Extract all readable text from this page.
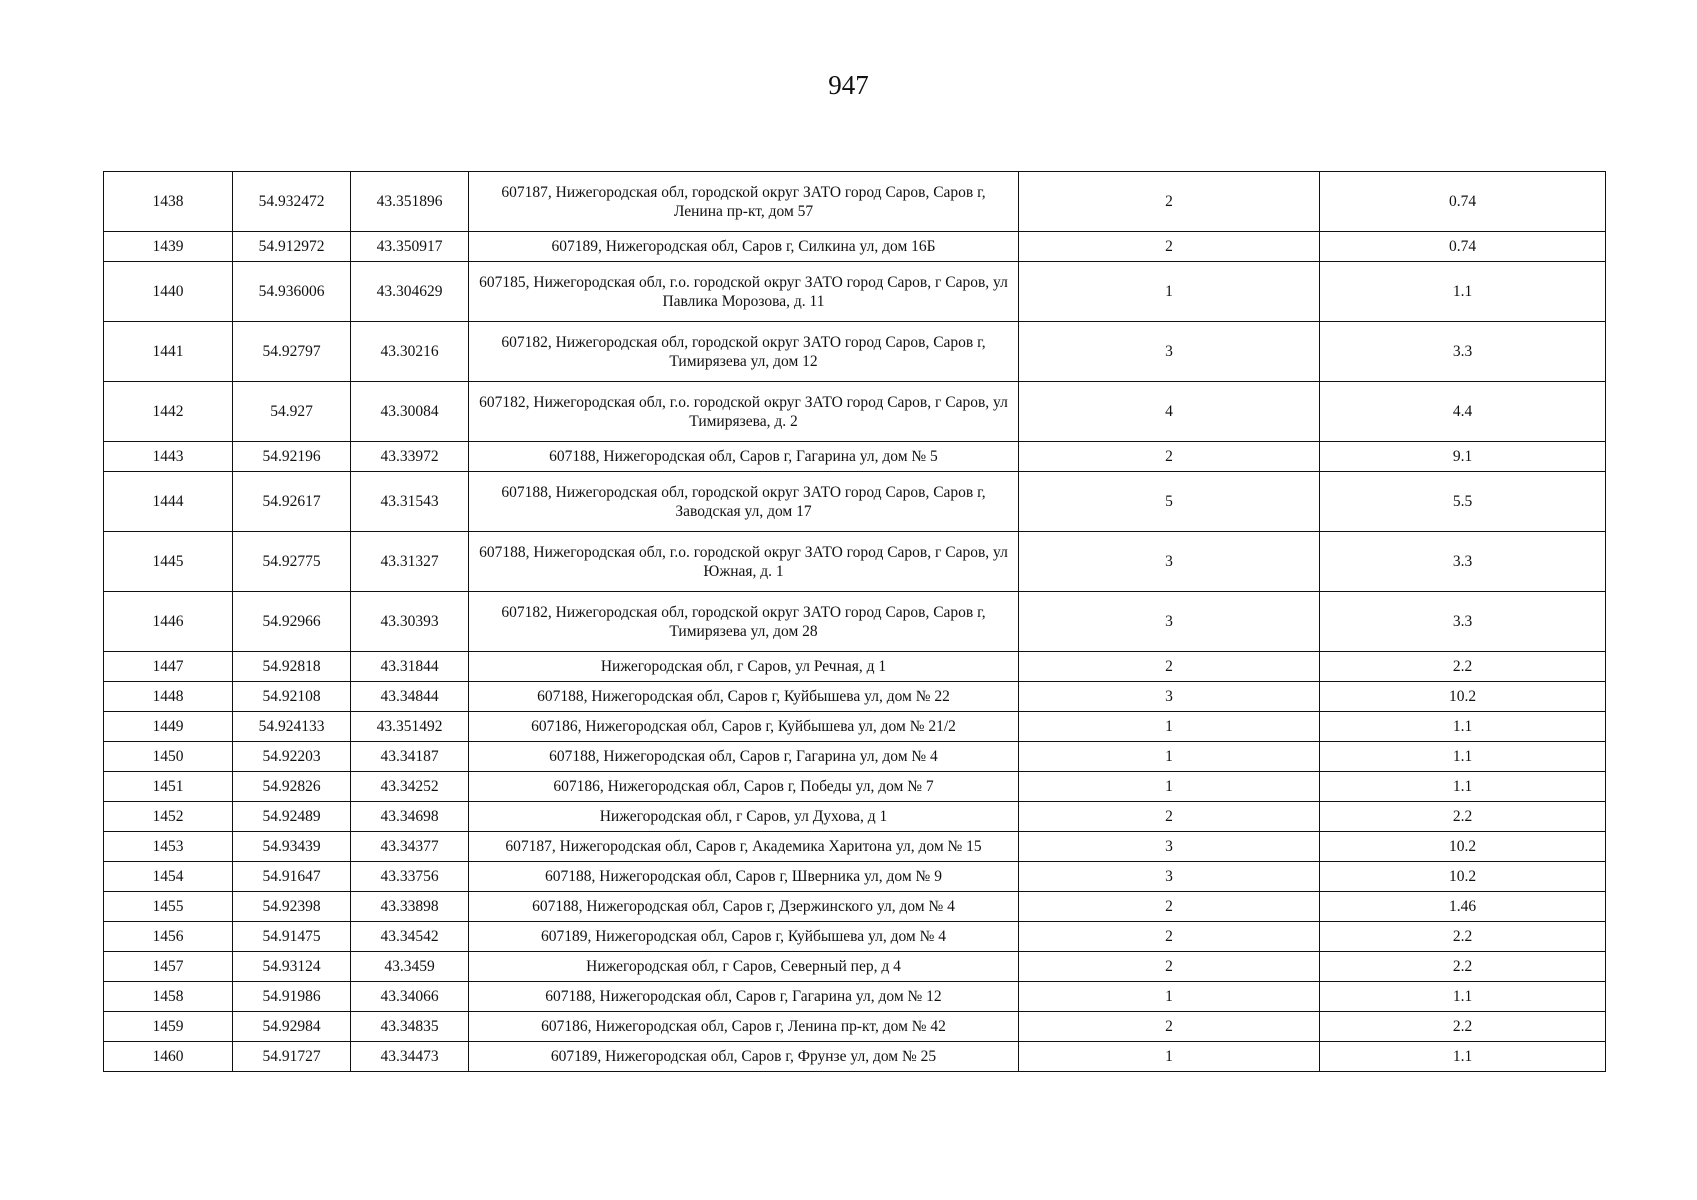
947
1438	54.932472	43.351896	607187, Нижегородская обл, городской округ ЗАТО город Саров, Саров г, Ленина пр-кт, дом 57	2	0.74
1439	54.912972	43.350917	607189, Нижегородская обл, Саров г, Силкина ул, дом 16Б	2	0.74
1440	54.936006	43.304629	607185, Нижегородская обл, г.о. городской округ ЗАТО город Саров, г Саров, ул Павлика Морозова, д. 11	1	1.1
1441	54.92797	43.30216	607182, Нижегородская обл, городской округ ЗАТО город Саров, Саров г, Тимирязева ул, дом 12	3	3.3
1442	54.927	43.30084	607182, Нижегородская обл, г.о. городской округ ЗАТО город Саров, г Саров, ул Тимирязева, д. 2	4	4.4
1443	54.92196	43.33972	607188, Нижегородская обл, Саров г, Гагарина ул, дом № 5	2	9.1
1444	54.92617	43.31543	607188, Нижегородская обл, городской округ ЗАТО город Саров, Саров г, Заводская ул, дом 17	5	5.5
1445	54.92775	43.31327	607188, Нижегородская обл, г.о. городской округ ЗАТО город Саров, г Саров, ул Южная, д. 1	3	3.3
1446	54.92966	43.30393	607182, Нижегородская обл, городской округ ЗАТО город Саров, Саров г, Тимирязева ул, дом 28	3	3.3
1447	54.92818	43.31844	Нижегородская обл, г Саров, ул Речная, д 1	2	2.2
1448	54.92108	43.34844	607188, Нижегородская обл, Саров г, Куйбышева ул, дом № 22	3	10.2
1449	54.924133	43.351492	607186, Нижегородская обл, Саров г, Куйбышева ул, дом № 21/2	1	1.1
1450	54.92203	43.34187	607188, Нижегородская обл, Саров г, Гагарина ул, дом № 4	1	1.1
1451	54.92826	43.34252	607186, Нижегородская обл, Саров г, Победы ул, дом № 7	1	1.1
1452	54.92489	43.34698	Нижегородская обл, г Саров, ул Духова, д 1	2	2.2
1453	54.93439	43.34377	607187, Нижегородская обл, Саров г, Академика Харитона ул, дом № 15	3	10.2
1454	54.91647	43.33756	607188, Нижегородская обл, Саров г, Шверника ул, дом № 9	3	10.2
1455	54.92398	43.33898	607188, Нижегородская обл, Саров г, Дзержинского ул, дом № 4	2	1.46
1456	54.91475	43.34542	607189, Нижегородская обл, Саров г, Куйбышева ул, дом № 4	2	2.2
1457	54.93124	43.3459	Нижегородская обл, г Саров, Северный пер, д 4	2	2.2
1458	54.91986	43.34066	607188, Нижегородская обл, Саров г, Гагарина ул, дом № 12	1	1.1
1459	54.92984	43.34835	607186, Нижегородская обл, Саров г, Ленина пр-кт, дом № 42	2	2.2
1460	54.91727	43.34473	607189, Нижегородская обл, Саров г, Фрунзе ул, дом № 25	1	1.1
